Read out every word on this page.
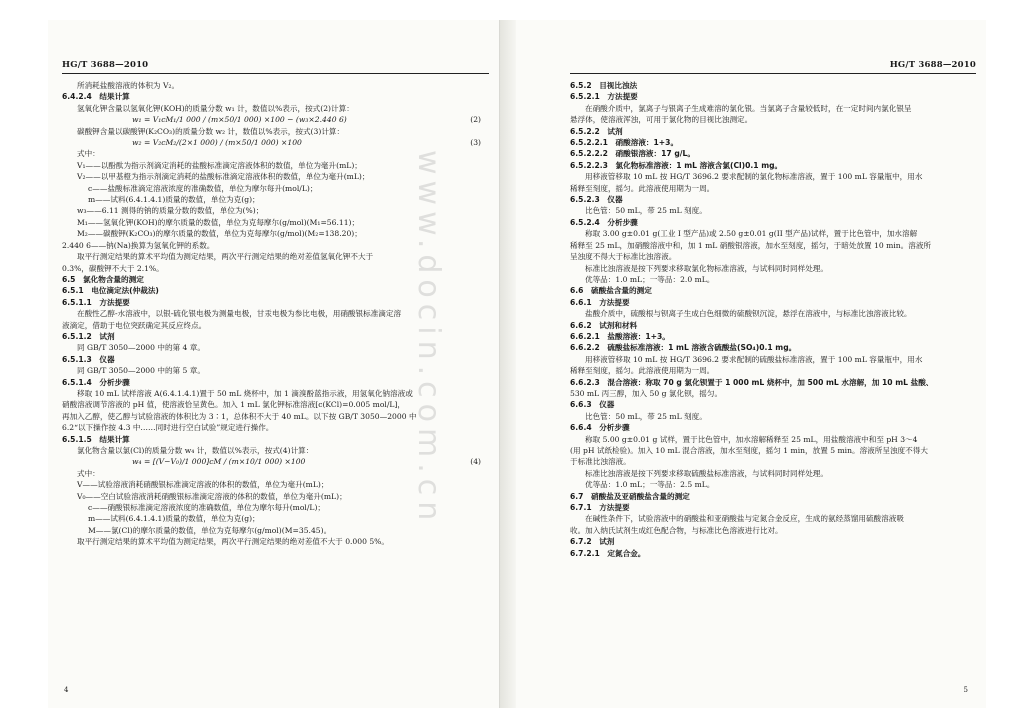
HG/T 3688—2010
所消耗盐酸溶液的体积为 V₂。
6.4.2.4　结果计算
氢氧化钾含量以氢氧化钾(KOH)的质量分数 w₁ 计，数值以%表示，按式(2)计算：
w₁ = V₁cM₁/1 000 / (m×50/1 000) ×100 − (w₃×2.440 6)	(2)
碳酸钾含量以碳酸钾(K₂CO₃)的质量分数 w₂ 计，数值以%表示，按式(3)计算：
w₂ = V₂cM₂/(2×1 000) / (m×50/1 000) ×100	(3)
式中：
V₁——以酚酞为指示剂滴定消耗的盐酸标准滴定溶液体积的数值，单位为毫升(mL)；
V₂——以甲基橙为指示剂滴定消耗的盐酸标准滴定溶液体积的数值，单位为毫升(mL)；
c——盐酸标准滴定溶液浓度的准确数值，单位为摩尔每升(mol/L)；
m——试料(6.4.1.4.1)质量的数值，单位为克(g)；
w₃——6.11 测得的钠的质量分数的数值，单位为(%)；
M₁——氢氧化钾(KOH)的摩尔质量的数值，单位为克每摩尔(g/mol)(M₁=56.11)；
M₂——碳酸钾(K₂CO₃)的摩尔质量的数值，单位为克每摩尔(g/mol)(M₂=138.20)；
2.440 6——钠(Na)换算为氢氧化钾的系数。
取平行测定结果的算术平均值为测定结果，两次平行测定结果的绝对差值氢氧化钾不大于
0.3%，碳酸钾不大于 2.1%。
6.5　氯化物含量的测定
6.5.1　电位滴定法(仲裁法)
6.5.1.1　方法提要
在酸性乙醇-水溶液中，以银-硫化银电极为测量电极，甘汞电极为参比电极，用硝酸银标准滴定溶
液滴定，借助于电位突跃确定其反应终点。
6.5.1.2　试剂
同 GB/T 3050—2000 中的第 4 章。
6.5.1.3　仪器
同 GB/T 3050—2000 中的第 5 章。
6.5.1.4　分析步骤
移取 10 mL 试样溶液 A(6.4.1.4.1)置于 50 mL 烧杯中，加 1 滴溴酚蓝指示液，用氢氧化钠溶液或
硝酸溶液调节溶液的 pH 值，使溶液恰呈黄色。加入 1 mL 氯化钾标准溶液[c(KCl)=0.005 mol/L]，
再加入乙醇，使乙醇与试验溶液的体积比为 3∶1，总体积不大于 40 mL。以下按 GB/T 3050—2000 中
6.2“以下操作按 4.3 中……同时进行空白试验”规定进行操作。
6.5.1.5　结果计算
氯化物含量以氯(Cl)的质量分数 w₄ 计，数值以%表示，按式(4)计算：
w₄ = [(V−V₀)/1 000]cM / (m×10/1 000) ×100	(4)
式中：
V——试验溶液消耗硝酸银标准滴定溶液的体积的数值，单位为毫升(mL)；
V₀——空白试验溶液消耗硝酸银标准滴定溶液的体积的数值，单位为毫升(mL)；
c——硝酸银标准滴定溶液浓度的准确数值，单位为摩尔每升(mol/L)；
m——试料(6.4.1.4.1)质量的数值，单位为克(g)；
M——氯(Cl)的摩尔质量的数值，单位为克每摩尔(g/mol)(M=35.45)。
取平行测定结果的算术平均值为测定结果，两次平行测定结果的绝对差值不大于 0.000 5%。
4
HG/T 3688—2010
6.5.2　目视比浊法
6.5.2.1　方法提要
在硝酸介质中，氯离子与银离子生成难溶的氯化银。当氯离子含量较低时，在一定时间内氯化银呈
悬浮体，使溶液浑浊，可用于氯化物的目视比浊测定。
6.5.2.2　试剂
6.5.2.2.1　硝酸溶液：1+3。
6.5.2.2.2　硝酸银溶液：17 g/L。
6.5.2.2.3　氯化物标准溶液：1 mL 溶液含氯(Cl)0.1 mg。
用移液管移取 10 mL 按 HG/T 3696.2 要求配制的氯化物标准溶液，置于 100 mL 容量瓶中，用水
稀释至刻度，摇匀。此溶液使用期为一周。
6.5.2.3　仪器
比色管：50 mL，带 25 mL 刻度。
6.5.2.4　分析步骤
称取 3.00 g±0.01 g(工业 I 型产品)或 2.50 g±0.01 g(II 型产品)试样，置于比色管中，加水溶解
稀释至 25 mL，加硝酸溶液中和，加 1 mL 硝酸银溶液，加水至刻度，摇匀，于暗处放置 10 min。溶液所
呈浊度不得大于标准比浊溶液。
标准比浊溶液是按下列要求移取氯化物标准溶液，与试料同时同样处理。
优等品：1.0 mL；一等品：2.0 mL。
6.6　硫酸盐含量的测定
6.6.1　方法提要
盐酸介质中，硫酸根与钡离子生成白色细微的硫酸钡沉淀，悬浮在溶液中，与标准比浊溶液比较。
6.6.2　试剂和材料
6.6.2.1　盐酸溶液：1+3。
6.6.2.2　硫酸盐标准溶液：1 mL 溶液含硫酸盐(SO₄)0.1 mg。
用移液管移取 10 mL 按 HG/T 3696.2 要求配制的硫酸盐标准溶液，置于 100 mL 容量瓶中，用水
稀释至刻度，摇匀。此溶液使用期为一周。
6.6.2.3　混合溶液：称取 70 g 氯化钡置于 1 000 mL 烧杯中，加 500 mL 水溶解，加 10 mL 盐酸、
530 mL 丙三醇，加入 50 g 氯化钡，摇匀。
6.6.3　仪器
比色管：50 mL，带 25 mL 刻度。
6.6.4　分析步骤
称取 5.00 g±0.01 g 试样，置于比色管中，加水溶解稀释至 25 mL，用盐酸溶液中和至 pH 3～4
(用 pH 试纸检验)。加入 10 mL 混合溶液，加水至刻度，摇匀 1 min，放置 5 min。溶液所呈浊度不得大
于标准比浊溶液。
标准比浊溶液是按下列要求移取硫酸盐标准溶液，与试料同时同样处理。
优等品：1.0 mL；一等品：2.5 mL。
6.7　硝酸盐及亚硝酸盐含量的测定
6.7.1　方法提要
在碱性条件下，试验溶液中的硝酸盐和亚硝酸盐与定氮合金反应，生成的氨经蒸馏用硫酸溶液吸
收。加入纳氏试剂生成红色配合物，与标准比色溶液进行比对。
6.7.2　试剂
6.7.2.1　定氮合金。
5
www.docin.com.cn
